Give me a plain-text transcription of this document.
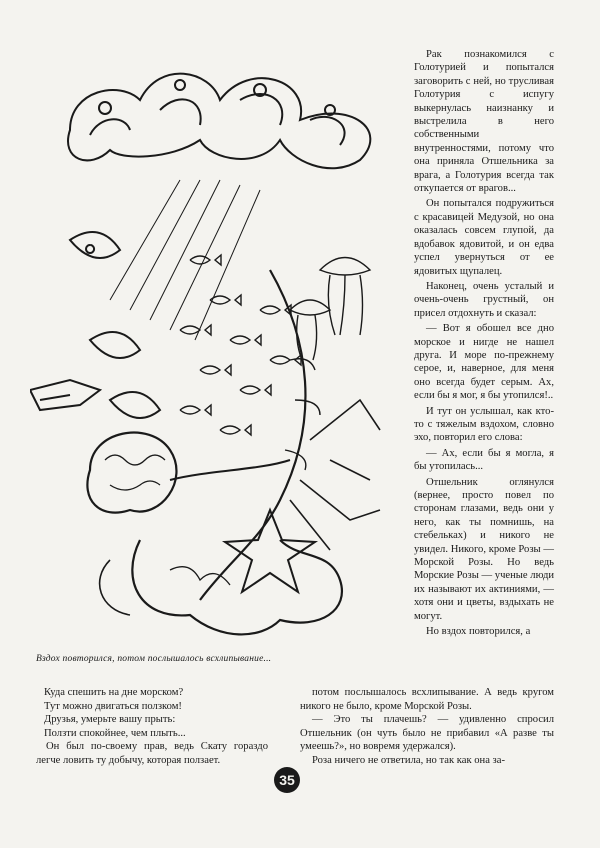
Вздох повторился, потом послышалось всхлипывание...

Рак познакомился с Голотурией и попытался заговорить с ней, но трусливая Голотурия с испугу выкернулась наизнанку и выстрелила в него собственными внутренностями, потому что она приняла Отшельника за врага, а Голотурия всегда так откупается от врагов...

Он попытался подружиться с красавицей Медузой, но она оказалась совсем глупой, да вдобавок ядовитой, и он едва успел увернуться от ее ядовитых щупалец.

Наконец, очень усталый и очень-очень грустный, он присел отдохнуть и сказал:

— Вот я обошел все дно морское и нигде не нашел друга. И море по-прежнему серое, и, наверное, для меня оно всегда будет серым. Ах, если бы я мог, я бы утопился!..

И тут он услышал, как кто-то с тяжелым вздохом, словно эхо, повторил его слова:

— Ах, если бы я могла, я бы утопилась...

Отшельник оглянулся (вернее, просто повел по сторонам глазами, ведь они у него, как ты помнишь, на стебельках) и никого не увидел. Никого, кроме Розы — Морской Розы. Но ведь Морские Розы — ученые люди их называют их актиниями, — хотя они и цветы, вздыхать не могут.

Но вздох повторился, а

Куда спешить на дне морском?
Тут можно двигаться ползком!
Друзья, умерьте вашу прыть:
Ползти спокойнее, чем плыть...

Он был по-своему прав, ведь Скату гораздо легче ловить ту добычу, которая ползает.

потом послышалось всхлипывание. А ведь кругом никого не было, кроме Морской Розы.

— Это ты плачешь? — удивленно спросил Отшельник (он чуть было не прибавил «А разве ты умеешь?», но вовремя удержался).

Роза ничего не ответила, но так как она за-

35
